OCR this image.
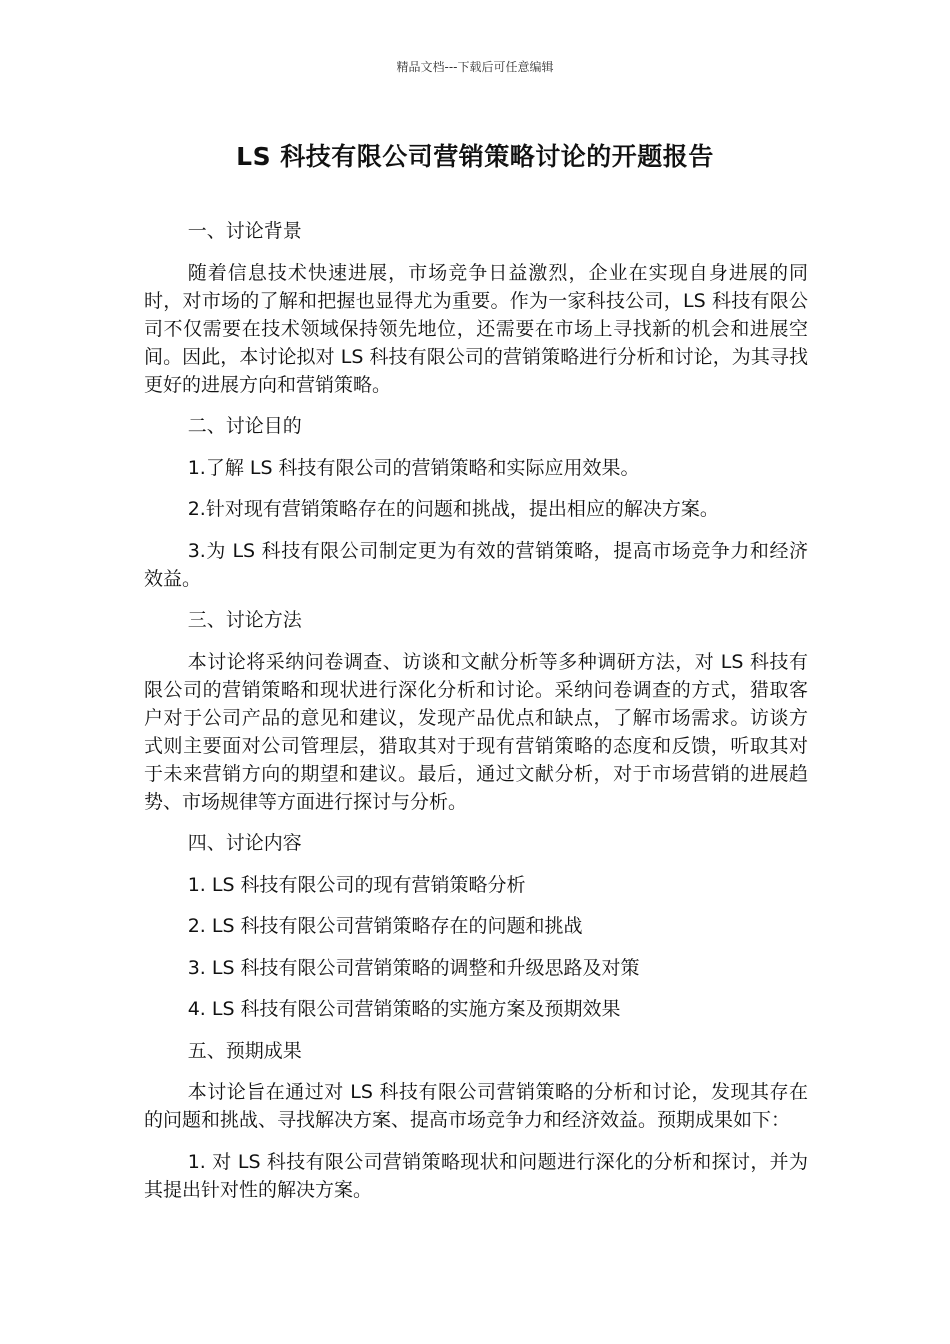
精品文档---下载后可任意编辑
LS 科技有限公司营销策略讨论的开题报告

一、讨论背景

随着信息技术快速进展，市场竞争日益激烈，企业在实现自身进展的同时，对市场的了解和把握也显得尤为重要。作为一家科技公司，LS 科技有限公司不仅需要在技术领域保持领先地位，还需要在市场上寻找新的机会和进展空间。因此，本讨论拟对 LS 科技有限公司的营销策略进行分析和讨论，为其寻找更好的进展方向和营销策略。

二、讨论目的

1.了解 LS 科技有限公司的营销策略和实际应用效果。

2.针对现有营销策略存在的问题和挑战，提出相应的解决方案。

3.为 LS 科技有限公司制定更为有效的营销策略，提高市场竞争力和经济效益。

三、讨论方法

本讨论将采纳问卷调查、访谈和文献分析等多种调研方法，对 LS 科技有限公司的营销策略和现状进行深化分析和讨论。采纳问卷调查的方式，猎取客户对于公司产品的意见和建议，发现产品优点和缺点，了解市场需求。访谈方式则主要面对公司管理层，猎取其对于现有营销策略的态度和反馈，听取其对于未来营销方向的期望和建议。最后，通过文献分析，对于市场营销的进展趋势、市场规律等方面进行探讨与分析。

四、讨论内容

1. LS 科技有限公司的现有营销策略分析

2. LS 科技有限公司营销策略存在的问题和挑战

3. LS 科技有限公司营销策略的调整和升级思路及对策

4. LS 科技有限公司营销策略的实施方案及预期效果

五、预期成果

本讨论旨在通过对 LS 科技有限公司营销策略的分析和讨论，发现其存在的问题和挑战、寻找解决方案、提高市场竞争力和经济效益。预期成果如下：

1. 对 LS 科技有限公司营销策略现状和问题进行深化的分析和探讨，并为其提出针对性的解决方案。
